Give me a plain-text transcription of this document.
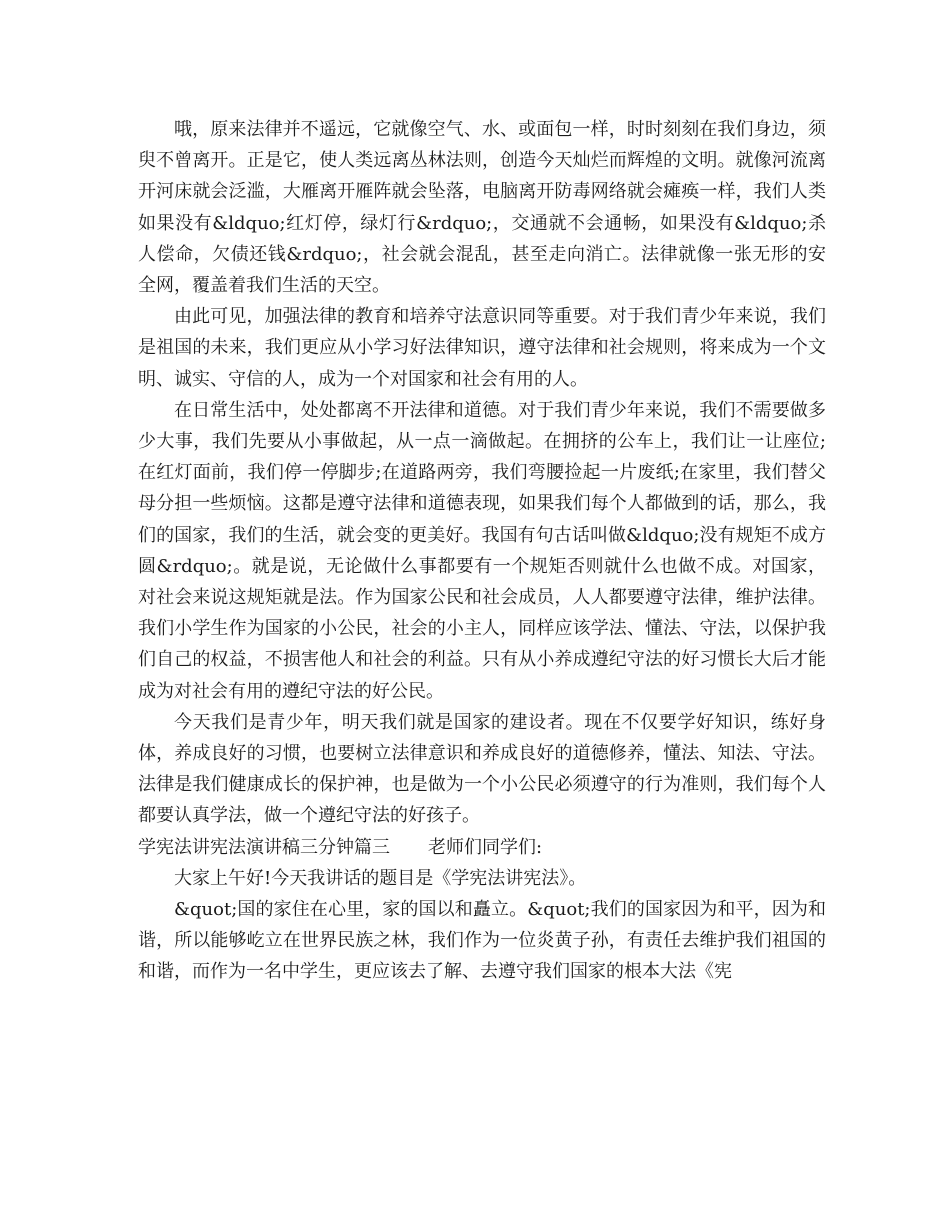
哦，原来法律并不遥远，它就像空气、水、或面包一样，时时刻刻在我们身边，须臾不曾离开。正是它，使人类远离丛林法则，创造今天灿烂而辉煌的文明。就像河流离开河床就会泛滥，大雁离开雁阵就会坠落，电脑离开防毒网络就会瘫痪一样，我们人类如果没有&ldquo;红灯停，绿灯行&rdquo;，交通就不会通畅，如果没有&ldquo;杀人偿命，欠债还钱&rdquo;，社会就会混乱，甚至走向消亡。法律就像一张无形的安全网，覆盖着我们生活的天空。

由此可见，加强法律的教育和培养守法意识同等重要。对于我们青少年来说，我们是祖国的未来，我们更应从小学习好法律知识，遵守法律和社会规则，将来成为一个文明、诚实、守信的人，成为一个对国家和社会有用的人。

在日常生活中，处处都离不开法律和道德。对于我们青少年来说，我们不需要做多少大事，我们先要从小事做起，从一点一滴做起。在拥挤的公车上，我们让一让座位;在红灯面前，我们停一停脚步;在道路两旁，我们弯腰捡起一片废纸;在家里，我们替父母分担一些烦恼。这都是遵守法律和道德表现，如果我们每个人都做到的话，那么，我们的国家，我们的生活，就会变的更美好。我国有句古话叫做&ldquo;没有规矩不成方圆&rdquo;。就是说，无论做什么事都要有一个规矩否则就什么也做不成。对国家，对社会来说这规矩就是法。作为国家公民和社会成员，人人都要遵守法律，维护法律。我们小学生作为国家的小公民，社会的小主人，同样应该学法、懂法、守法，以保护我们自己的权益，不损害他人和社会的利益。只有从小养成遵纪守法的好习惯长大后才能成为对社会有用的遵纪守法的好公民。

今天我们是青少年，明天我们就是国家的建设者。现在不仅要学好知识，练好身体，养成良好的习惯，也要树立法律意识和养成良好的道德修养，懂法、知法、守法。法律是我们健康成长的保护神，也是做为一个小公民必须遵守的行为准则，我们每个人都要认真学法，做一个遵纪守法的好孩子。

学宪法讲宪法演讲稿三分钟篇三 老师们同学们:

大家上午好!今天我讲话的题目是《学宪法讲宪法》。

&quot;国的家住在心里，家的国以和矗立。&quot;我们的国家因为和平，因为和谐，所以能够屹立在世界民族之林，我们作为一位炎黄子孙，有责任去维护我们祖国的和谐，而作为一名中学生，更应该去了解、去遵守我们国家的根本大法《宪
